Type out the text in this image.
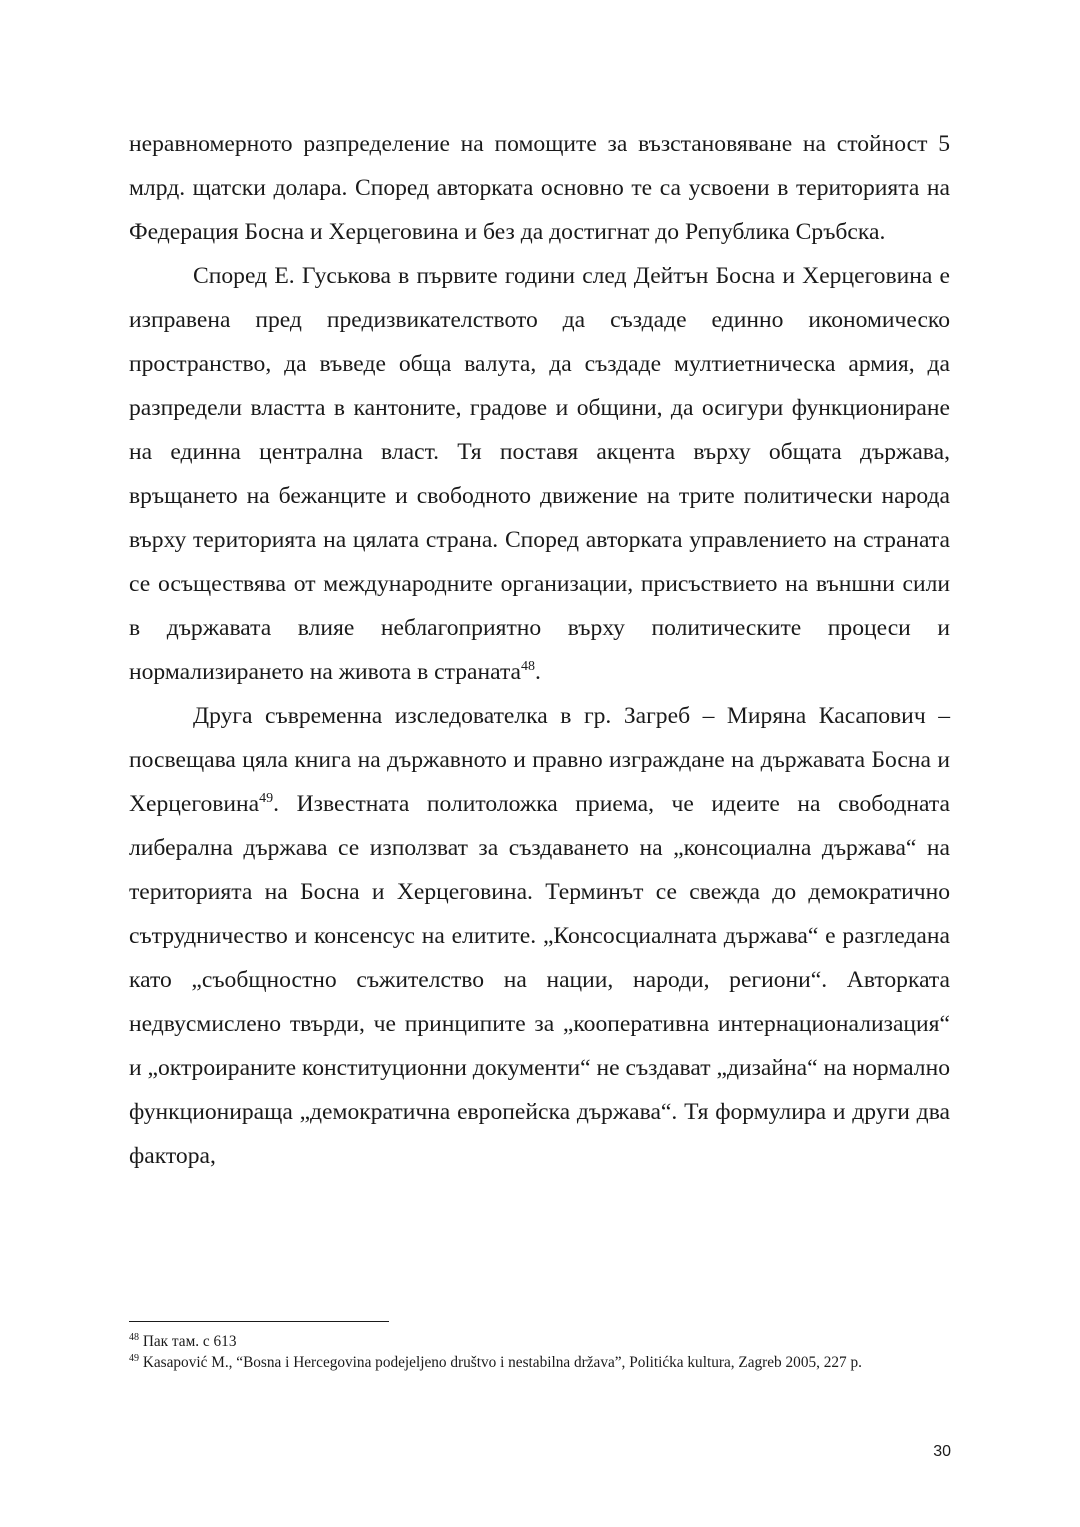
неравномерното разпределение на помощите за възстановяване на стойност 5 млрд. щатски долара. Според авторката основно те са усвоени в територията на Федерация Босна и Херцеговина и без да достигнат до Република Сръбска.

Според Е. Гуськова в първите години след Дейтън Босна и Херцеговина е изправена пред предизвикателството да създаде единно икономическо пространство, да въведе обща валута, да създаде мултиетническа армия, да разпредели властта в кантоните, градове и общини, да осигури функциониране на единна централна власт. Тя поставя акцента върху общата държава, връщането на бежанците и свободното движение на трите политически народа върху територията на цялата страна. Според авторката управлението на страната се осъществява от международните организации, присъствието на външни сили в държавата влияе неблагоприятно върху политическите процеси и нормализирането на живота в страната$^{48}$.

Друга съвременна изследователка в гр. Загреб – Миряна Касапович – посвещава цяла книга на държавното и правно изграждане на държавата Босна и Херцеговина$^{49}$. Известната политоложка приема, че идеите на свободната либерална държава се използват за създаването на „консоциална държава“ на територията на Босна и Херцеговина. Терминът се свежда до демократично сътрудничество и консенсус на елитите. „Консосциалната държава“ е разгледана като „съобщностно съжителство на нации, народи, региони“. Авторката недвусмислено твърди, че принципите за „кооперативна интернационализация“ и „октроираните конституционни документи“ не създават „дизайна“ на нормално функционираща „демократична европейска държава“. Тя формулира и други два фактора,

$^{48}$ Пак там. с 613

$^{49}$ Kasapović M., “Bosna i Hercegovina podejeljeno društvo i nestabilna država”, Politićka kultura, Zagreb 2005, 227 р.

30
